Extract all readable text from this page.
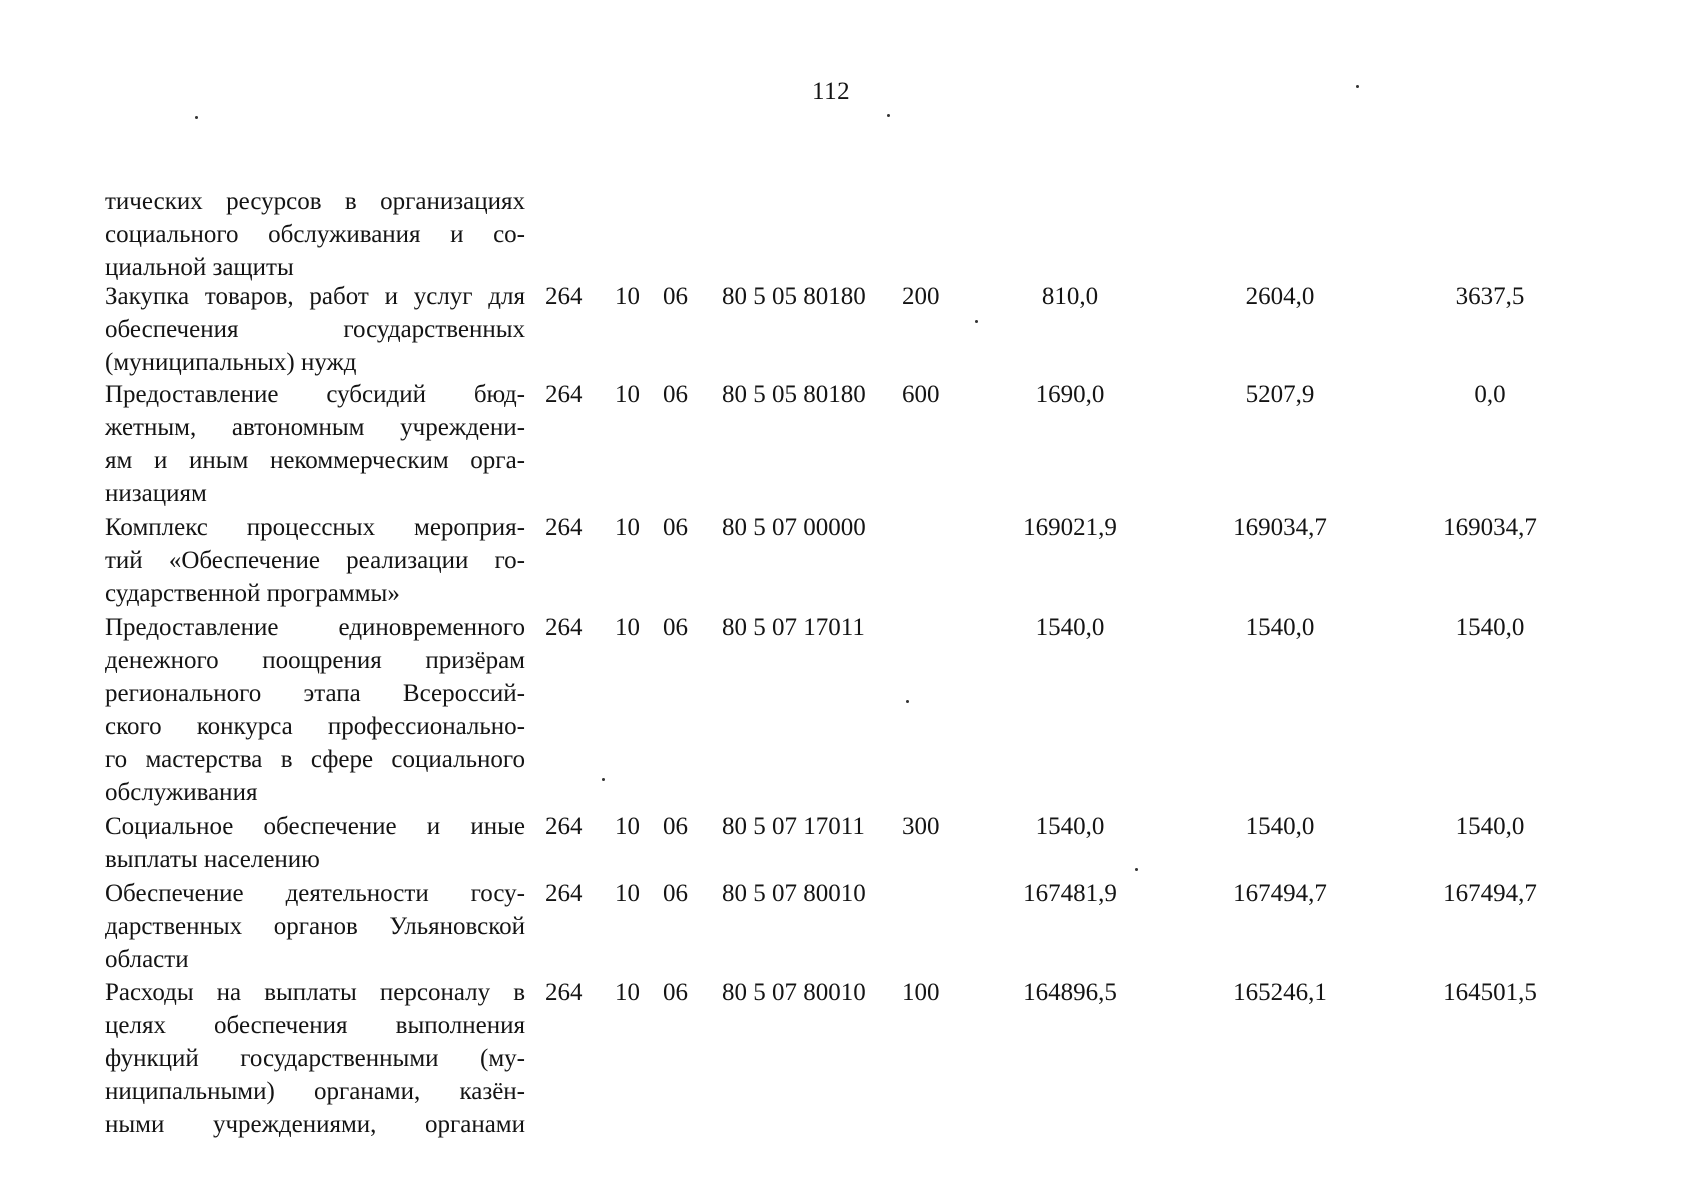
112
тических ресурсов в организациях
социального обслуживания и со-
циальной защиты
Закупка товаров, работ и услуг для
обеспечения государственных
(муниципальных) нужд
264 10 06 80 5 05 80180 200	810,0	2604,0	3637,5
Предоставление субсидий бюд-
жетным, автономным учреждени-
ям и иным некоммерческим орга-
низациям
264 10 06 80 5 05 80180 600	1690,0	5207,9	0,0
Комплекс процессных мероприя-
тий «Обеспечение реализации го-
сударственной программы»
264 10 06 80 5 07 00000	169021,9	169034,7	169034,7
Предоставление единовременного
денежного поощрения призёрам
регионального этапа Всероссий-
ского конкурса профессионально-
го мастерства в сфере социального
обслуживания
264 10 06 80 5 07 17011	1540,0	1540,0	1540,0
Социальное обеспечение и иные
выплаты населению
264 10 06 80 5 07 17011 300	1540,0	1540,0	1540,0
Обеспечение деятельности госу-
дарственных органов Ульяновской
области
264 10 06 80 5 07 80010	167481,9	167494,7	167494,7
Расходы на выплаты персоналу в
целях обеспечения выполнения
функций государственными (му-
ниципальными) органами, казён-
ными учреждениями, органами
264 10 06 80 5 07 80010 100	164896,5	165246,1	164501,5
